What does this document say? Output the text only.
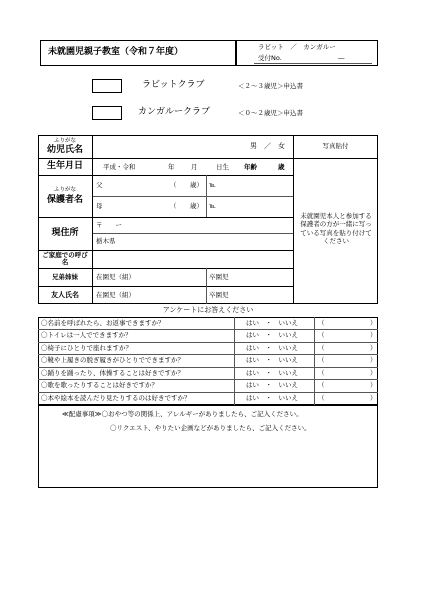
未就園児親子教室（令和７年度）	ラビット　／　カンガルー
受付No.	―
ラビットクラブ	＜２～３歳児＞申込書
カンガルークラブ	＜０～２歳児＞申込書
ふりがな
幼児氏名	男　／　女	写真貼付
未就園児本人と参加する保護者の方が一緒に写っている写真を貼り付けてください
生年月日	平成・令和	年	月	日生 年齢	歳
ふりがな
保護者名
父	（ 歳） ℡
母	（ 歳） ℡
現住所
〒　　ー
栃木県
ご家庭での呼び名
兄弟姉妹	在園児（組）	卒園児
友人氏名	在園児（組）	卒園児
アンケートにお答えください
〇名前を呼ばれたら、お返事できますか？	はい　・　いいえ	（　　　　　　　）
〇トイレは一人でできますか？	はい　・　いいえ	（　　　　　　　）
〇椅子にひとりで座れますか？	はい　・　いいえ	（　　　　　　　）
〇靴や上履きの脱ぎ履きがひとりでできますか？	はい　・　いいえ	（　　　　　　　）
〇踊りを踊ったり、体操することは好きですか？	はい　・　いいえ	（　　　　　　　）
〇歌を歌ったりすることは好きですか？	はい　・　いいえ	（　　　　　　　）
〇本や絵本を読んだり見たりするのは好きですか？	はい　・　いいえ	（　　　　　　　）
≪配慮事項≫〇おやつ等の関係上、アレルギーがありましたら、ご記入ください。
〇リクエスト、やりたい企画などがありましたら、ご記入ください。
